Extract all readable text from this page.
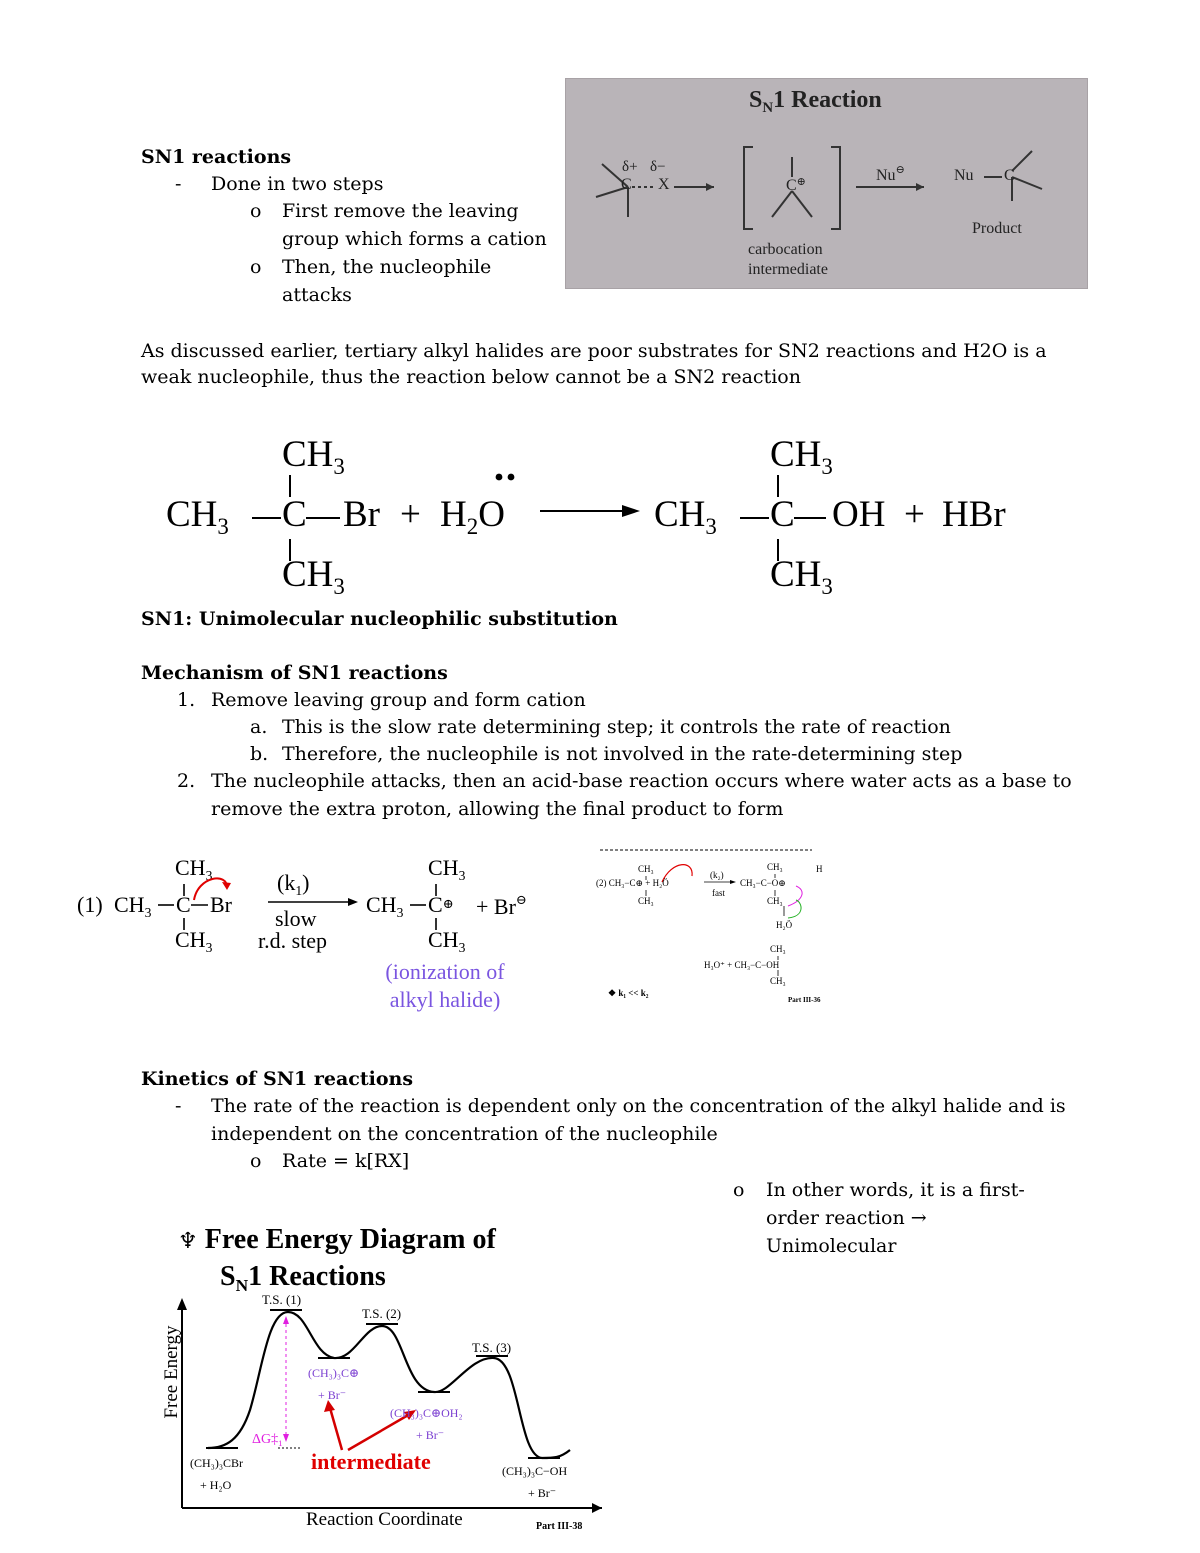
SN1 reactions
- Done in two steps
o First remove the leaving
group which forms a cation
o Then, the nucleophile
attacks
$S_N1$ Reaction
δ+ δ−
C X	C⊕	Nu⊖
carbocation
intermediate
Nu C
Product
As discussed earlier, tertiary alkyl halides are poor substrates for SN2 reactions and H2O is a
weak nucleophile, thus the reaction below cannot be a SN2 reaction
$CH_3$
$CH_3$ C Br
$CH_3$
+ $H_2O$
$CH_3$
$CH_3$ C OH
$CH_3$
+ HBr
SN1: Unimolecular nucleophilic substitution
Mechanism of SN1 reactions
1. Remove leaving group and form cation
a. This is the slow rate determining step; it controls the rate of reaction
b. Therefore, the nucleophile is not involved in the rate-determining step
2. The nucleophile attacks, then an acid-base reaction occurs where water acts as a base to
remove the extra proton, allowing the final product to form
$CH_3$
(1) $CH_3$ C Br
$CH_3$
$(k_1)$
slow
r.d. step
$CH_3$
$CH_3$ C⊕ + Br⊖
$CH_3$
(ionization of
alkyl halide)
CH₃
(2) CH₃−C⊕ + H₂Ö
CH₃
(k₂)
fast
CH₃
CH₃−C−O⊕
H
CH₃
H₂Ö
CH₃
H₃O⁺ + CH₃−C−OH
CH₃
❖ k₁ << k₂
Part III-36
Kinetics of SN1 reactions
- The rate of the reaction is dependent only on the concentration of the alkyl halide and is
independent on the concentration of the nucleophile
o Rate = k[RX]
o In other words, it is a first-
order reaction →
Unimolecular
♆ Free Energy Diagram of
$S_N1$ Reactions
Free Energy
Reaction Coordinate
T.S. (1)
T.S. (2)
T.S. (3)
(CH₃)₃CBr
+ H₂O
(CH₃)₃C⊕
+ Br⁻
(CH₃)₃C⊕OH₂
+ Br⁻
(CH₃)₃C−OH
+ Br⁻
$\Delta G\ddagger_1$
intermediate
Part III-38
